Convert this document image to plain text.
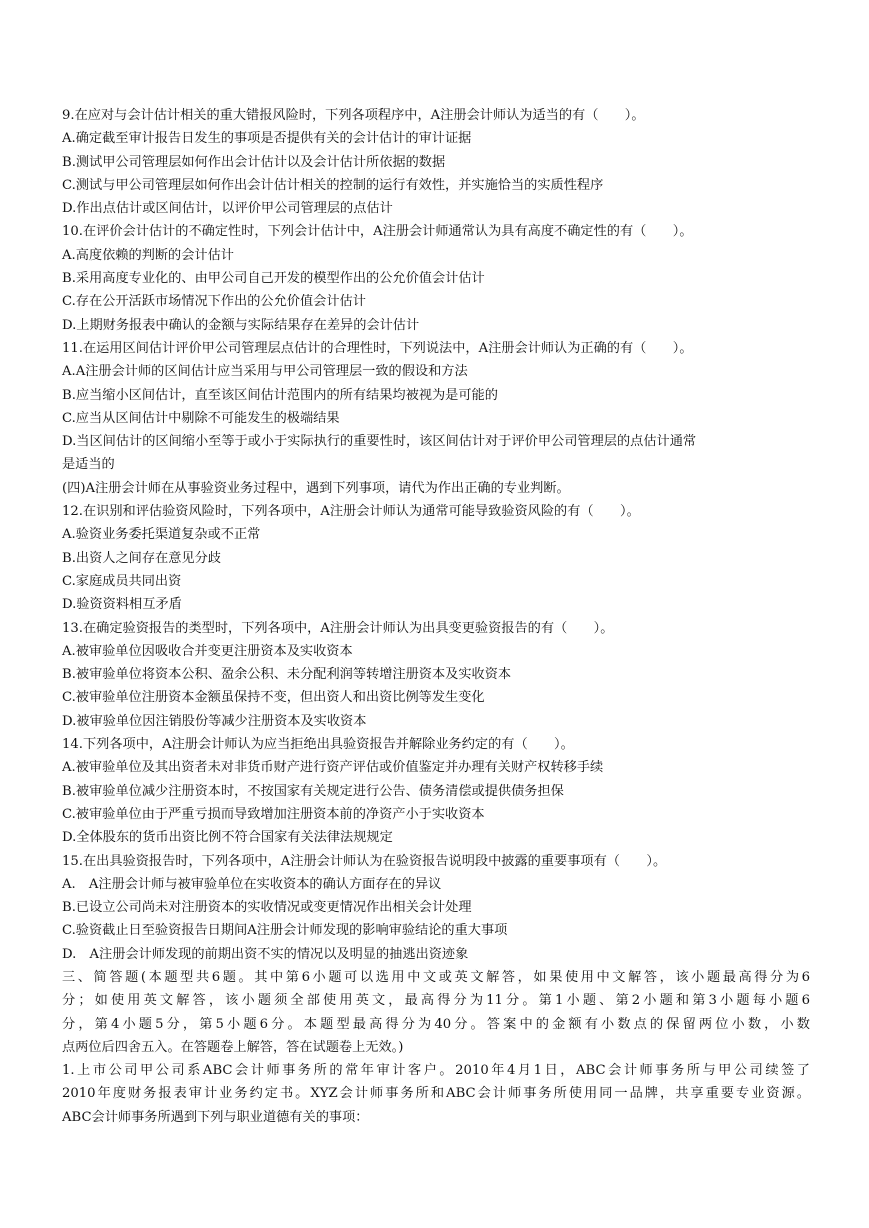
9.在应对与会计估计相关的重大错报风险时，下列各项程序中，A注册会计师认为适当的有（　　）。
A.确定截至审计报告日发生的事项是否提供有关的会计估计的审计证据
B.测试甲公司管理层如何作出会计估计以及会计估计所依据的数据
C.测试与甲公司管理层如何作出会计估计相关的控制的运行有效性，并实施恰当的实质性程序
D.作出点估计或区间估计，以评价甲公司管理层的点估计
10.在评价会计估计的不确定性时，下列会计估计中，A注册会计师通常认为具有高度不确定性的有（　　）。
A.高度依赖的判断的会计估计
B.采用高度专业化的、由甲公司自己开发的模型作出的公允价值会计估计
C.存在公开活跃市场情况下作出的公允价值会计估计
D.上期财务报表中确认的金额与实际结果存在差异的会计估计
11.在运用区间估计评价甲公司管理层点估计的合理性时，下列说法中，A注册会计师认为正确的有（　　）。
A.A注册会计师的区间估计应当采用与甲公司管理层一致的假设和方法
B.应当缩小区间估计，直至该区间估计范围内的所有结果均被视为是可能的
C.应当从区间估计中剔除不可能发生的极端结果
D.当区间估计的区间缩小至等于或小于实际执行的重要性时，该区间估计对于评价甲公司管理层的点估计通常
是适当的
(四)A注册会计师在从事验资业务过程中，遇到下列事项，请代为作出正确的专业判断。
12.在识别和评估验资风险时，下列各项中，A注册会计师认为通常可能导致验资风险的有（　　）。
A.验资业务委托渠道复杂或不正常
B.出资人之间存在意见分歧
C.家庭成员共同出资
D.验资资料相互矛盾
13.在确定验资报告的类型时，下列各项中，A注册会计师认为出具变更验资报告的有（　　）。
A.被审验单位因吸收合并变更注册资本及实收资本
B.被审验单位将资本公积、盈余公积、未分配利润等转增注册资本及实收资本
C.被审验单位注册资本金额虽保持不变，但出资人和出资比例等发生变化
D.被审验单位因注销股份等减少注册资本及实收资本
14.下列各项中，A注册会计师认为应当拒绝出具验资报告并解除业务约定的有（　　）。
A.被审验单位及其出资者未对非货币财产进行资产评估或价值鉴定并办理有关财产权转移手续
B.被审验单位减少注册资本时，不按国家有关规定进行公告、债务清偿或提供债务担保
C.被审验单位由于严重亏损而导致增加注册资本前的净资产小于实收资本
D.全体股东的货币出资比例不符合国家有关法律法规规定
15.在出具验资报告时，下列各项中，A注册会计师认为在验资报告说明段中披露的重要事项有（　　）。
A.　A注册会计师与被审验单位在实收资本的确认方面存在的异议
B.已设立公司尚未对注册资本的实收情况或变更情况作出相关会计处理
C.验资截止日至验资报告日期间A注册会计师发现的影响审验结论的重大事项
D.　A注册会计师发现的前期出资不实的情况以及明显的抽逃出资迹象
三、简答题(本题型共6题。其中第6小题可以选用中文或英文解答，如果使用中文解答，该小题最高得分为6
分；如使用英文解答，该小题须全部使用英文，最高得分为11分。第1小题、第2小题和第3小题每小题6
分，第4小题5分，第5小题6分。本题型最高得分为40分。答案中的金额有小数点的保留两位小数，小数
点两位后四舍五入。在答题卷上解答，答在试题卷上无效。)
1.上市公司甲公司系ABC会计师事务所的常年审计客户。2010年4月1日，ABC会计师事务所与甲公司续签了
2010年度财务报表审计业务约定书。XYZ会计师事务所和ABC会计师事务所使用同一品牌，共享重要专业资源。
ABC会计师事务所遇到下列与职业道德有关的事项：
